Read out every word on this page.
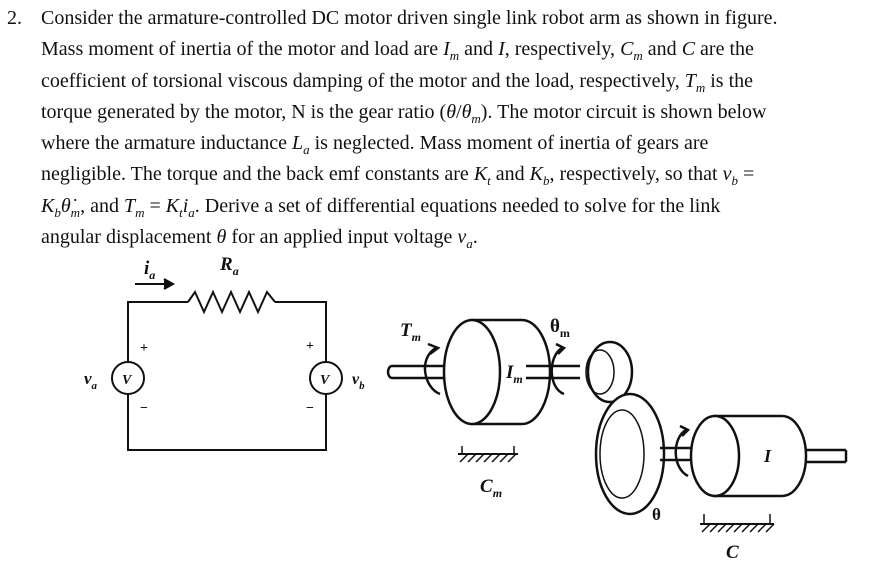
2. Consider the armature-controlled DC motor driven single link robot arm as shown in figure.
Mass moment of inertia of the motor and load are $I_m$ and I, respectively, $C_m$ and C are the
coefficient of torsional viscous damping of the motor and the load, respectively, $T_m$ is the
torque generated by the motor, N is the gear ratio $(\theta/\theta_m)$. The motor circuit is shown below
where the armature inductance $L_a$ is neglected. Mass moment of inertia of gears are
negligible. The torque and the back emf constants are $K_t$ and $K_b$, respectively, so that $v_b$ =
$K_b\thetȧ_m$, and $T_m = K_ti_a$. Derive a set of differential equations needed to solve for the link
angular displacement θ for an applied input voltage $v_a$.
$i_a$	$R_a$
$v_a$ V
+
−
V
+
−
$v_b$
$T_m$
$I_m$
$\theta_m$
$C_m$
θ
I
C
